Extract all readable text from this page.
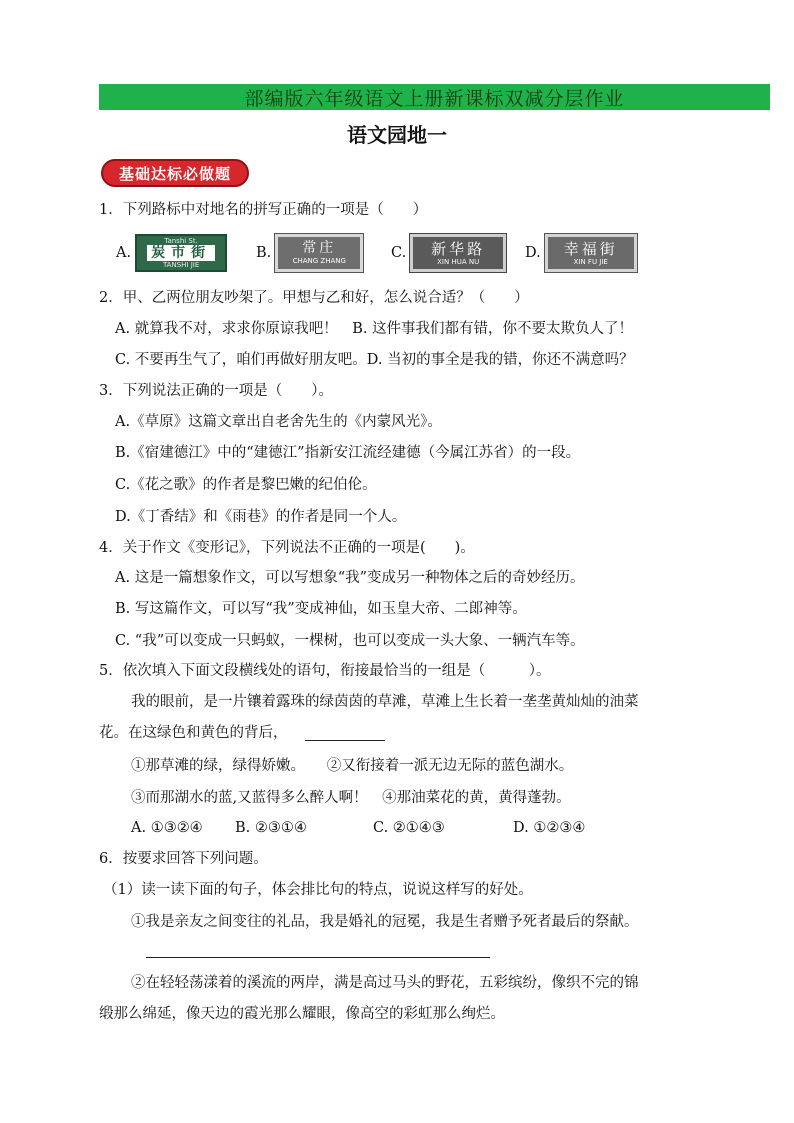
部编版六年级语文上册新课标双减分层作业
语文园地一
基础达标必做题
1．下列路标中对地名的拼写正确的一项是（　　）
A.
Tanshi St.
炭市街
TANSHI JIE
B. 常庄
CHANG ZHANG	C. 新华路
XIN HUA NU
D. 幸福街
XIN FU JIE
2．甲、乙两位朋友吵架了。甲想与乙和好，怎么说合适？（　　）
A. 就算我不对，求求你原谅我吧！　B. 这件事我们都有错，你不要太欺负人了！
C. 不要再生气了，咱们再做好朋友吧。D. 当初的事全是我的错，你还不满意吗？
3．下列说法正确的一项是（　　）。
A.《草原》这篇文章出自老舍先生的《内蒙风光》。
B.《宿建德江》中的“建德江”指新安江流经建德（今属江苏省）的一段。
C.《花之歌》的作者是黎巴嫩的纪伯伦。
D.《丁香结》和《雨巷》的作者是同一个人。
4．关于作文《变形记》，下列说法不正确的一项是(　　)。
A. 这是一篇想象作文，可以写想象“我”变成另一种物体之后的奇妙经历。
B. 写这篇作文，可以写“我”变成神仙，如玉皇大帝、二郎神等。
C. “我”可以变成一只蚂蚁，一棵树，也可以变成一头大象、一辆汽车等。
5．依次填入下面文段横线处的语句，衔接最恰当的一组是（　　　）。
我的眼前，是一片镶着露珠的绿茵茵的草滩，草滩上生长着一垄垄黄灿灿的油菜
花。在这绿色和黄色的背后，
①那草滩的绿，绿得娇嫩。　　②又衔接着一派无边无际的蓝色湖水。
③而那湖水的蓝,又蓝得多么醉人啊！　④那油菜花的黄，黄得蓬勃。
A. ①③②④ B. ②③①④	C. ②①④③	D. ①②③④
6．按要求回答下列问题。
（1）读一读下面的句子，体会排比句的特点，说说这样写的好处。
①我是亲友之间变往的礼品，我是婚礼的冠冕，我是生者赠予死者最后的祭献。
②在轻轻荡漾着的溪流的两岸，满是高过马头的野花，五彩缤纷，像织不完的锦
缎那么绵延，像天边的霞光那么耀眼，像高空的彩虹那么绚烂。
